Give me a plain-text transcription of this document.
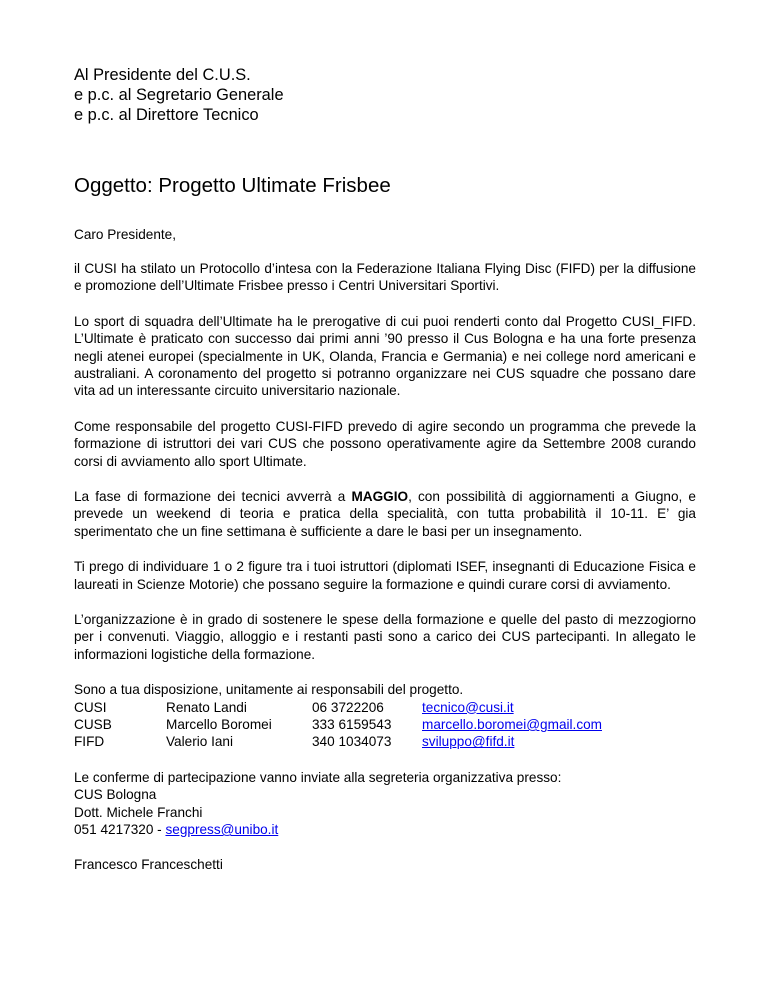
Al Presidente del C.U.S.
e p.c. al Segretario Generale
e p.c. al Direttore Tecnico
Oggetto: Progetto Ultimate Frisbee

Caro Presidente,

il CUSI ha stilato un Protocollo d’intesa con la Federazione Italiana Flying Disc (FIFD) per la diffusione e promozione dell’Ultimate Frisbee presso i Centri Universitari Sportivi.

Lo sport di squadra dell’Ultimate ha le prerogative di cui puoi renderti conto dal Progetto CUSI_FIFD. L’Ultimate è praticato con successo dai primi anni ’90 presso il Cus Bologna e ha una forte presenza negli atenei europei (specialmente in UK, Olanda, Francia e Germania) e nei college nord americani e australiani. A coronamento del progetto si potranno organizzare nei CUS squadre che possano dare vita ad un interessante circuito universitario nazionale.

Come responsabile del progetto CUSI-FIFD prevedo di agire secondo un programma che prevede la formazione di istruttori dei vari CUS che possono operativamente agire da Settembre 2008 curando corsi di avviamento allo sport Ultimate.

La fase di formazione dei tecnici avverrà a MAGGIO, con possibilità di aggiornamenti a Giugno, e prevede un weekend di teoria e pratica della specialità, con tutta probabilità il 10-11. E’ gia sperimentato che un fine settimana è sufficiente a dare le basi per un insegnamento.

Ti prego di individuare 1 o 2 figure tra i tuoi istruttori (diplomati ISEF, insegnanti di Educazione Fisica e laureati in Scienze Motorie) che possano seguire la formazione e quindi curare corsi di avviamento.

L’organizzazione è in grado di sostenere le spese della formazione e quelle del pasto di mezzogiorno per i convenuti. Viaggio, alloggio e i restanti pasti sono a carico dei CUS partecipanti. In allegato le informazioni logistiche della formazione.

Sono a tua disposizione, unitamente ai responsabili del progetto.
CUSI	Renato Landi	06 3722206	tecnico@cusi.it
CUSB	Marcello Boromei	333 6159543	marcello.boromei@gmail.com
FIFD	Valerio Iani	340 1034073	sviluppo@fifd.it
Le conferme di partecipazione vanno inviate alla segreteria organizzativa presso:
CUS Bologna
Dott. Michele Franchi
051 4217320 - segpress@unibo.it
Francesco Franceschetti
